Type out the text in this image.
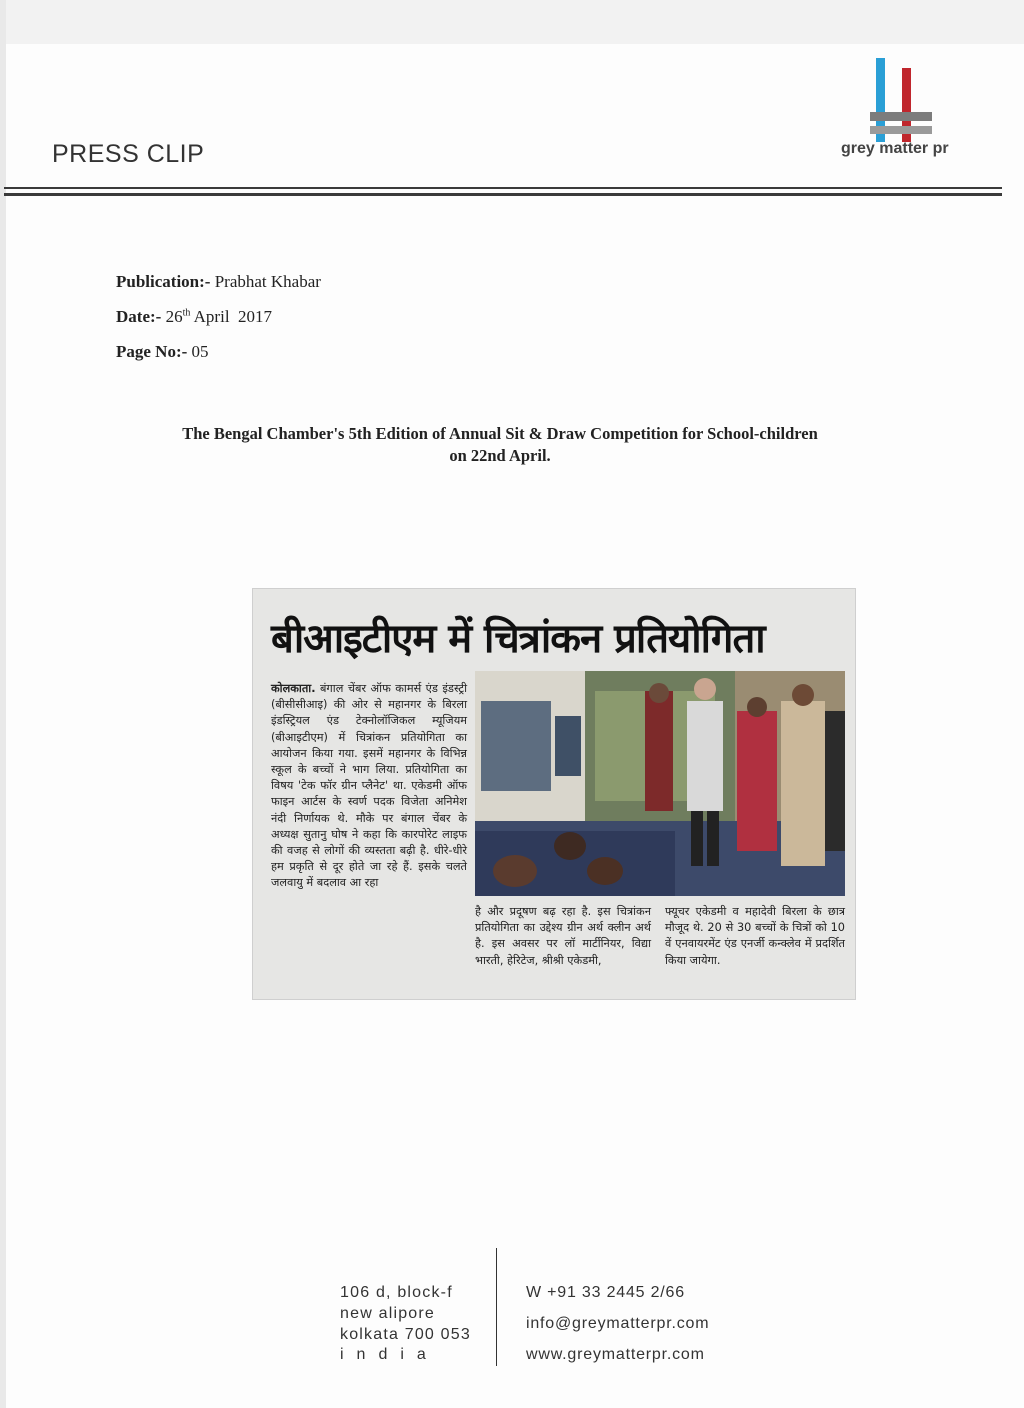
PRESS CLIP	grey matter pr
Publication:- Prabhat Khabar
Date:- 26th April  2017
Page No:- 05
The Bengal Chamber's 5th Edition of Annual Sit & Draw Competition for School-children
on 22nd April.
बीआइटीएम में चित्रांकन प्रतियोगिता
कोलकाता. बंगाल चेंबर ऑफ कामर्स एंड इंडस्ट्री (बीसीसीआइ) की ओर से महानगर के बिरला इंडस्ट्रियल एंड टेक्नोलॉजिकल म्यूजियम (बीआइटीएम) में चित्रांकन प्रतियोगिता का आयोजन किया गया. इसमें महानगर के विभिन्न स्कूल के बच्चों ने भाग लिया. प्रतियोगिता का विषय 'टेक फॉर ग्रीन प्लैनेट' था. एकेडमी ऑफ फाइन आर्टस के स्वर्ण पदक विजेता अनिमेश नंदी निर्णायक थे. मौके पर बंगाल चेंबर के अध्यक्ष सुतानु घोष ने कहा कि कारपोरेट लाइफ की वजह से लोगों की व्यस्तता बढ़ी है. धीरे-धीरे हम प्रकृति से दूर होते जा रहे हैं. इसके चलते जलवायु में बदलाव आ रहा
है और प्रदूषण बढ़ रहा है. इस चित्रांकन प्रतियोगिता का उद्देश्य ग्रीन अर्थ क्लीन अर्थ है. इस अवसर पर लॉ मार्टीनियर, विद्या भारती, हेरिटेज, श्रीश्री एकेडमी,
फ्यूचर एकेडमी व महादेवी बिरला के छात्र मौजूद थे. 20 से 30 बच्चों के चित्रों को 10 वें एनवायरमेंट एंड एनर्जी कन्क्लेव में प्रदर्शित किया जायेगा.
106 d, block-f
new alipore
kolkata 700 053
india
W +91 33 2445 2/66
info@greymatterpr.com
www.greymatterpr.com
